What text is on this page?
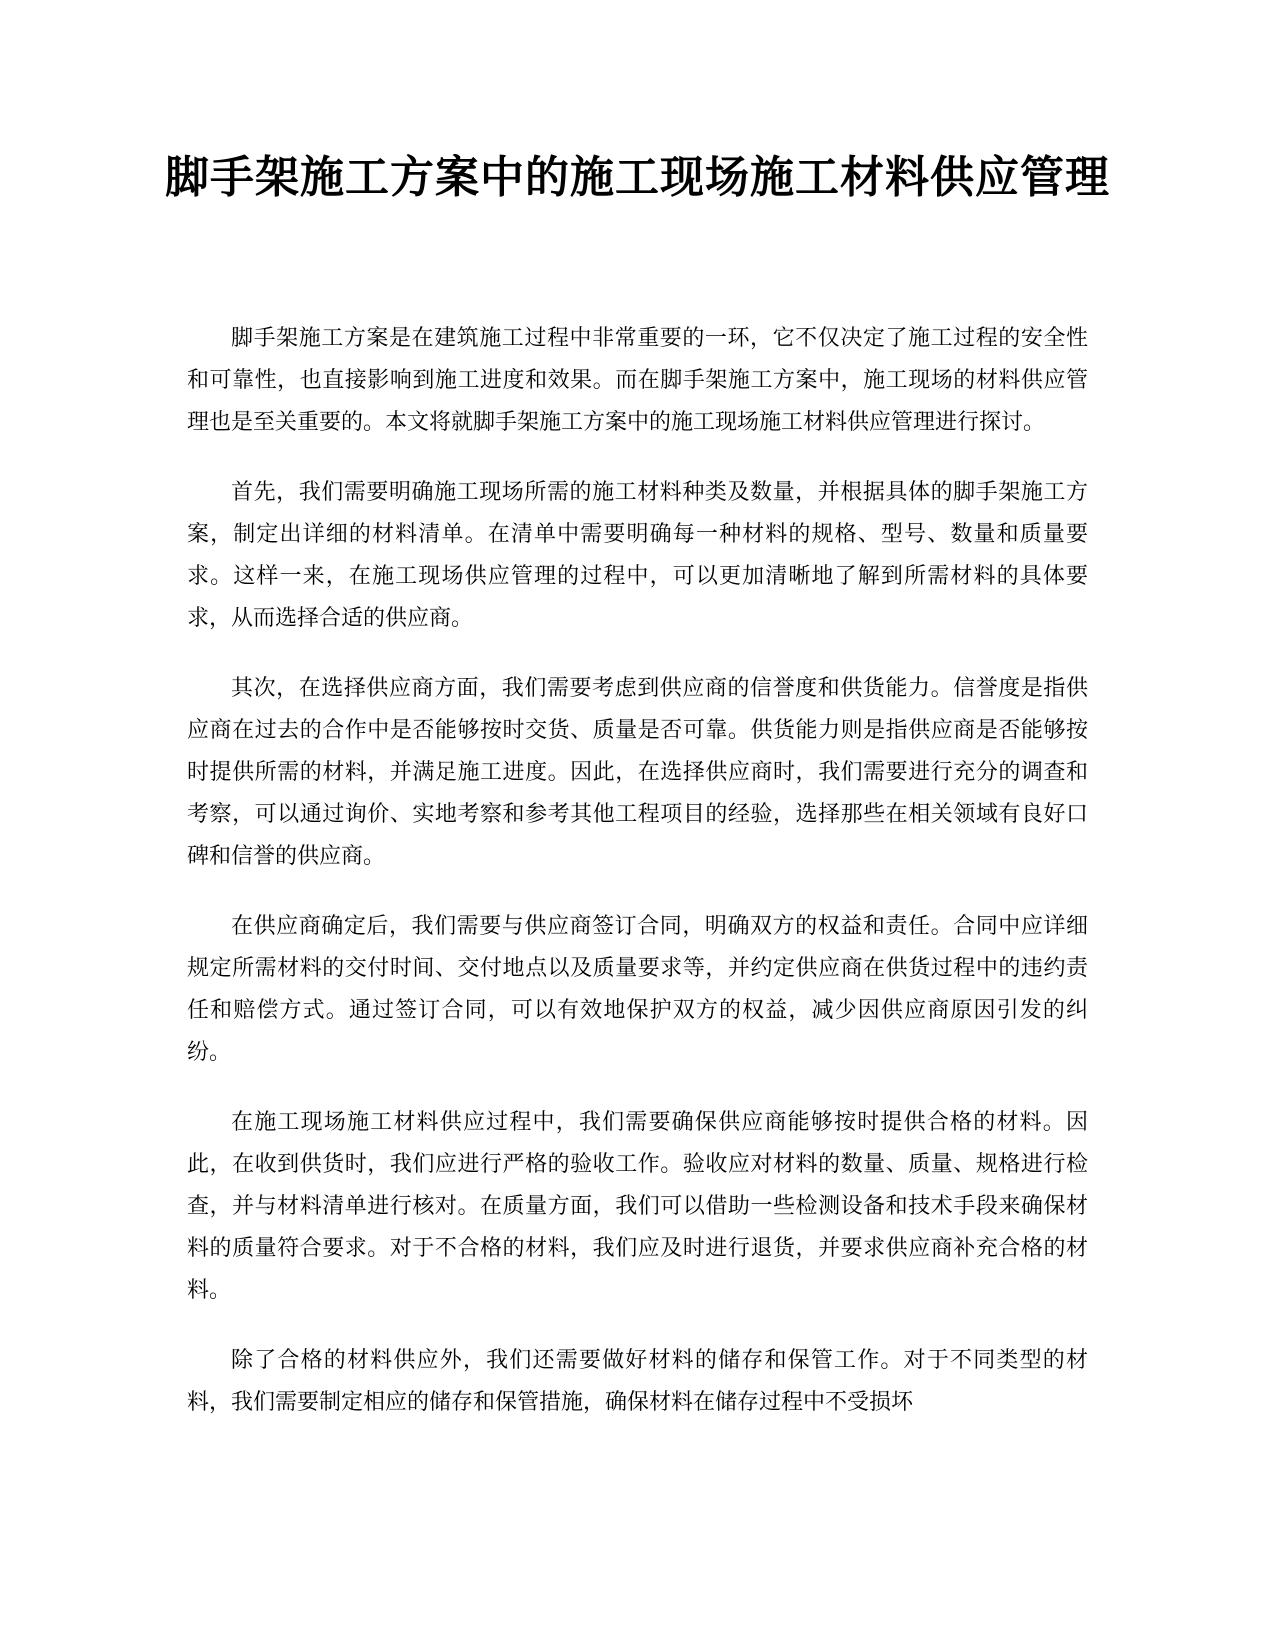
脚手架施工方案中的施工现场施工材料供应管理

脚手架施工方案是在建筑施工过程中非常重要的一环，它不仅决定了施工过程的安全性和可靠性，也直接影响到施工进度和效果。而在脚手架施工方案中，施工现场的材料供应管理也是至关重要的。本文将就脚手架施工方案中的施工现场施工材料供应管理进行探讨。

首先，我们需要明确施工现场所需的施工材料种类及数量，并根据具体的脚手架施工方案，制定出详细的材料清单。在清单中需要明确每一种材料的规格、型号、数量和质量要求。这样一来，在施工现场供应管理的过程中，可以更加清晰地了解到所需材料的具体要求，从而选择合适的供应商。

其次，在选择供应商方面，我们需要考虑到供应商的信誉度和供货能力。信誉度是指供应商在过去的合作中是否能够按时交货、质量是否可靠。供货能力则是指供应商是否能够按时提供所需的材料，并满足施工进度。因此，在选择供应商时，我们需要进行充分的调查和考察，可以通过询价、实地考察和参考其他工程项目的经验，选择那些在相关领域有良好口碑和信誉的供应商。

在供应商确定后，我们需要与供应商签订合同，明确双方的权益和责任。合同中应详细规定所需材料的交付时间、交付地点以及质量要求等，并约定供应商在供货过程中的违约责任和赔偿方式。通过签订合同，可以有效地保护双方的权益，减少因供应商原因引发的纠纷。

在施工现场施工材料供应过程中，我们需要确保供应商能够按时提供合格的材料。因此，在收到供货时，我们应进行严格的验收工作。验收应对材料的数量、质量、规格进行检查，并与材料清单进行核对。在质量方面，我们可以借助一些检测设备和技术手段来确保材料的质量符合要求。对于不合格的材料，我们应及时进行退货，并要求供应商补充合格的材料。

除了合格的材料供应外，我们还需要做好材料的储存和保管工作。对于不同类型的材料，我们需要制定相应的储存和保管措施，确保材料在储存过程中不受损坏
